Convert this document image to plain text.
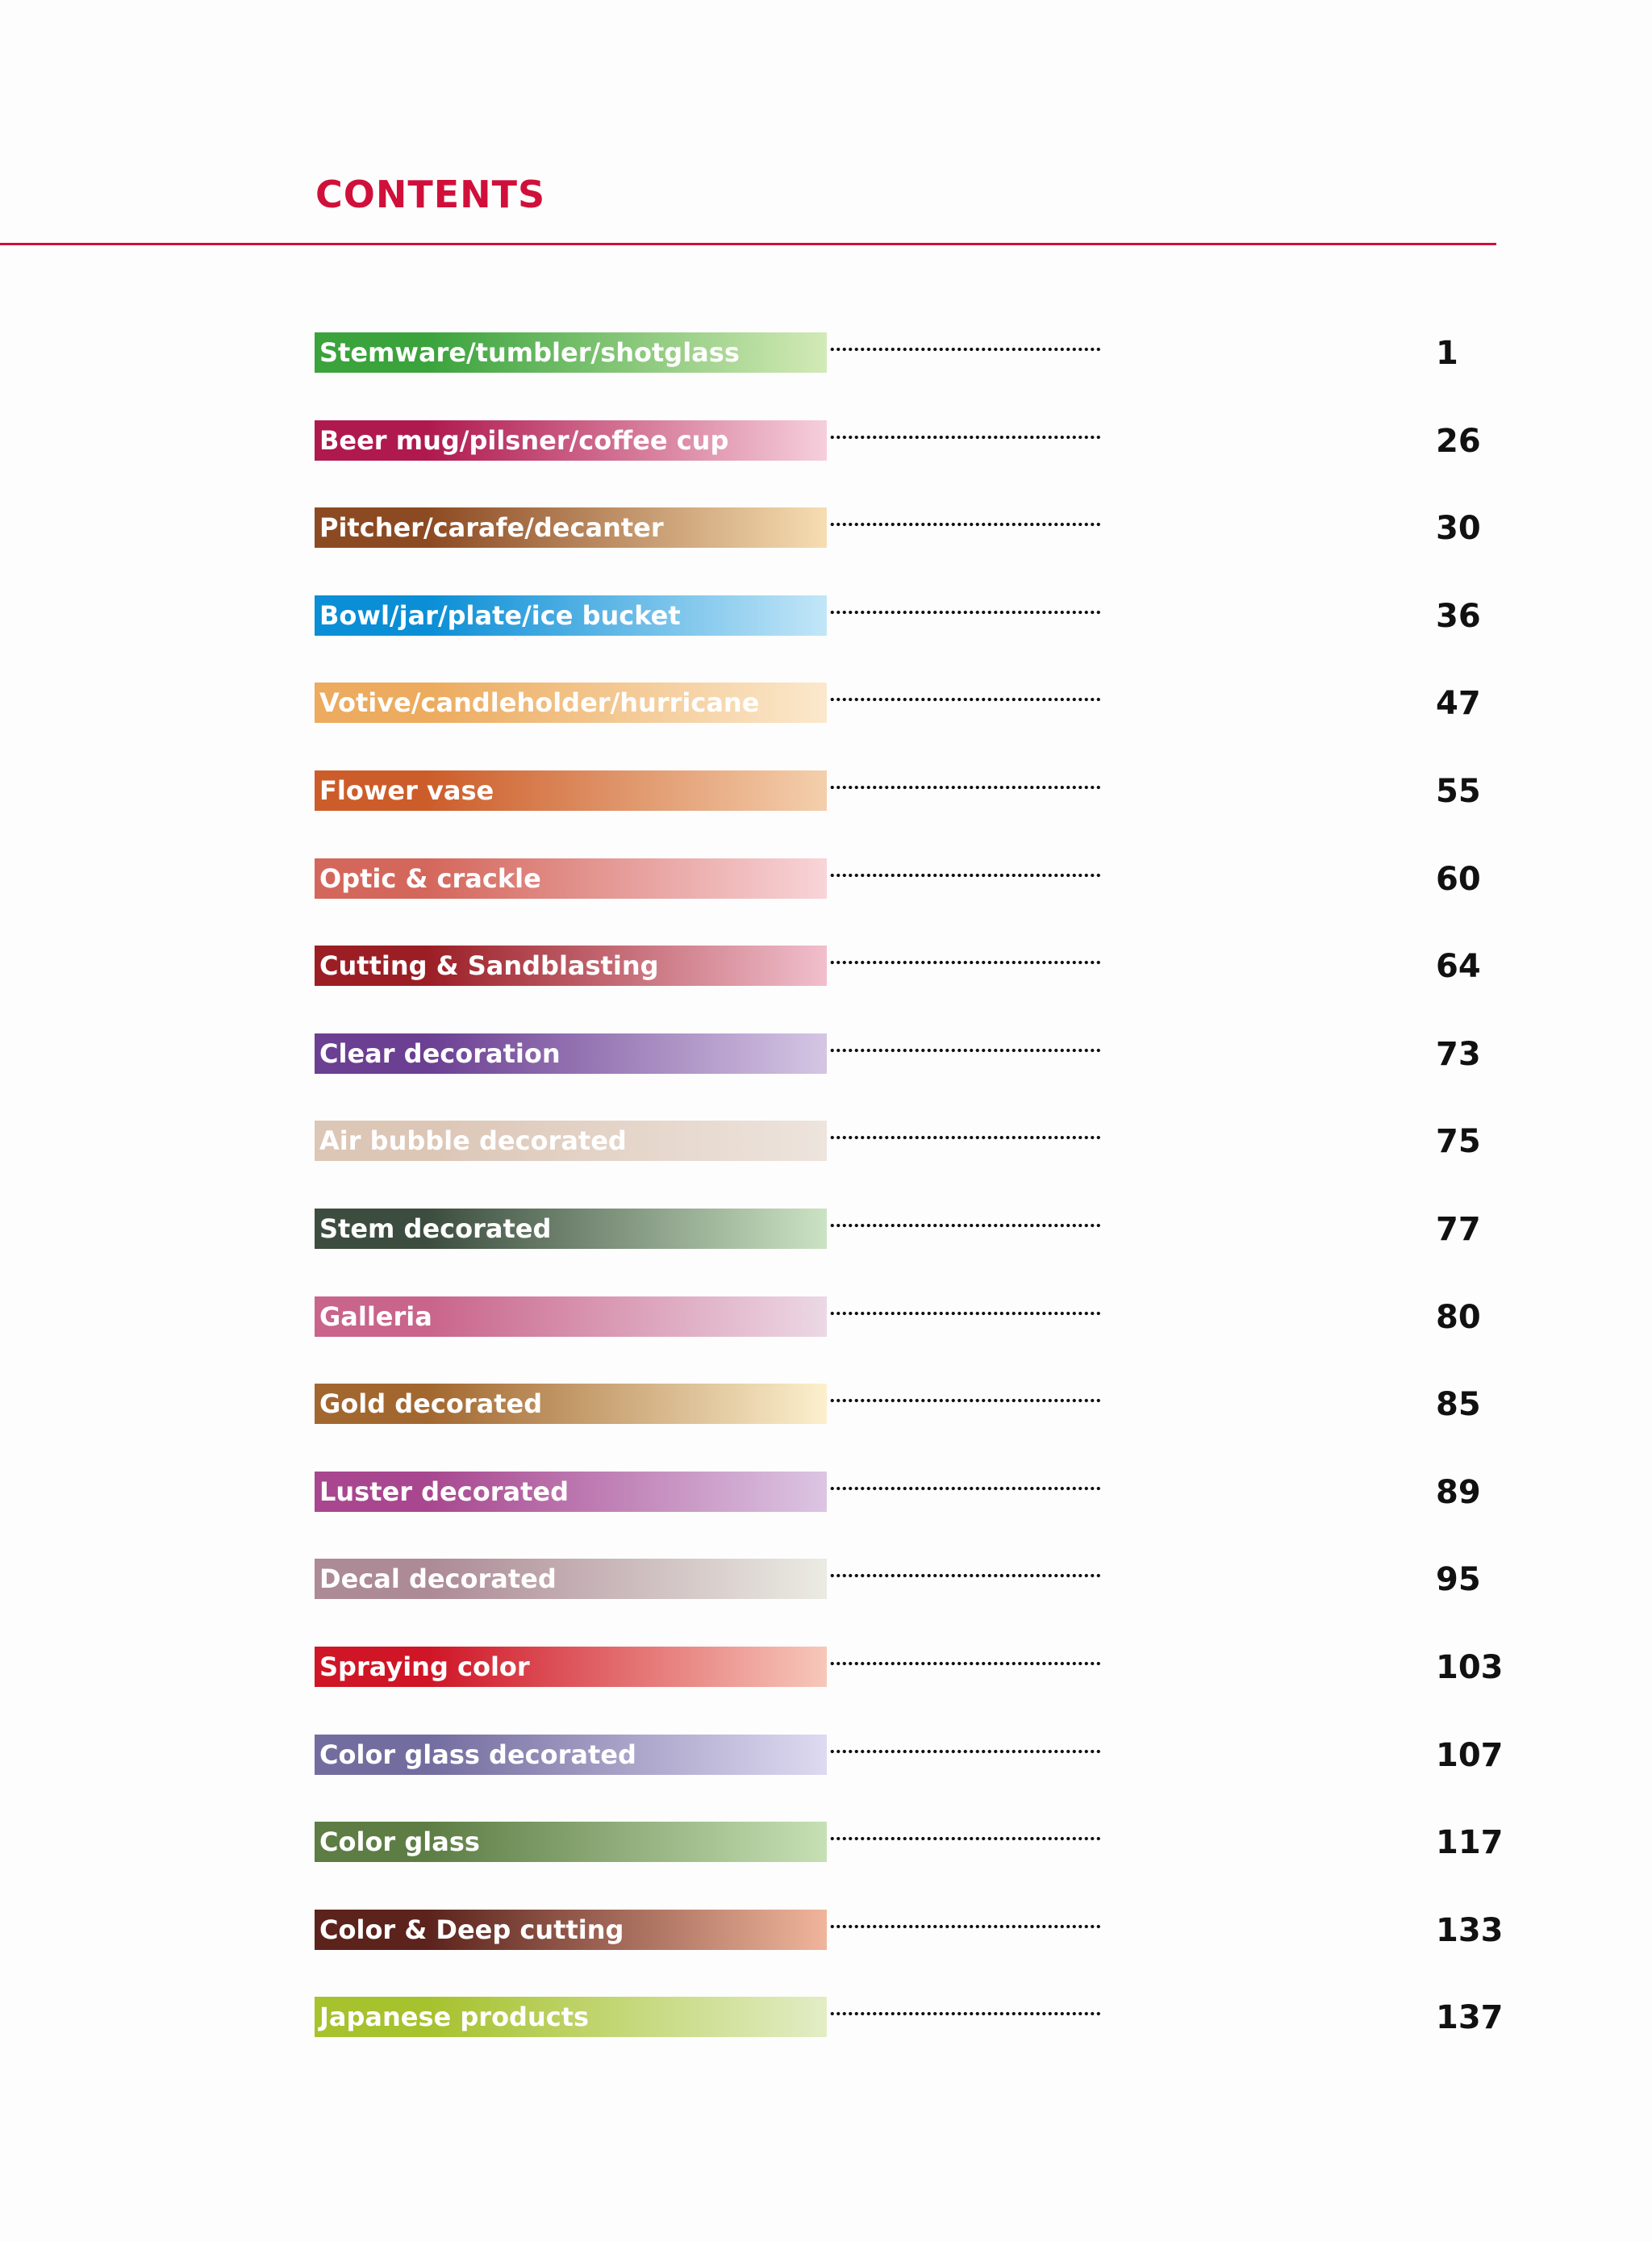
CONTENTS
Stemware/tumbler/shotglass	1
Beer mug/pilsner/coffee cup	26
Pitcher/carafe/decanter	30
Bowl/jar/plate/ice bucket	36
Votive/candleholder/hurricane	47
Flower vase	55
Optic & crackle	60
Cutting & Sandblasting	64
Clear decoration	73
Air bubble decorated	75
Stem decorated	77
Galleria	80
Gold decorated	85
Luster decorated	89
Decal decorated	95
Spraying color	103
Color glass decorated	107
Color glass	117
Color & Deep cutting	133
Japanese products	137
